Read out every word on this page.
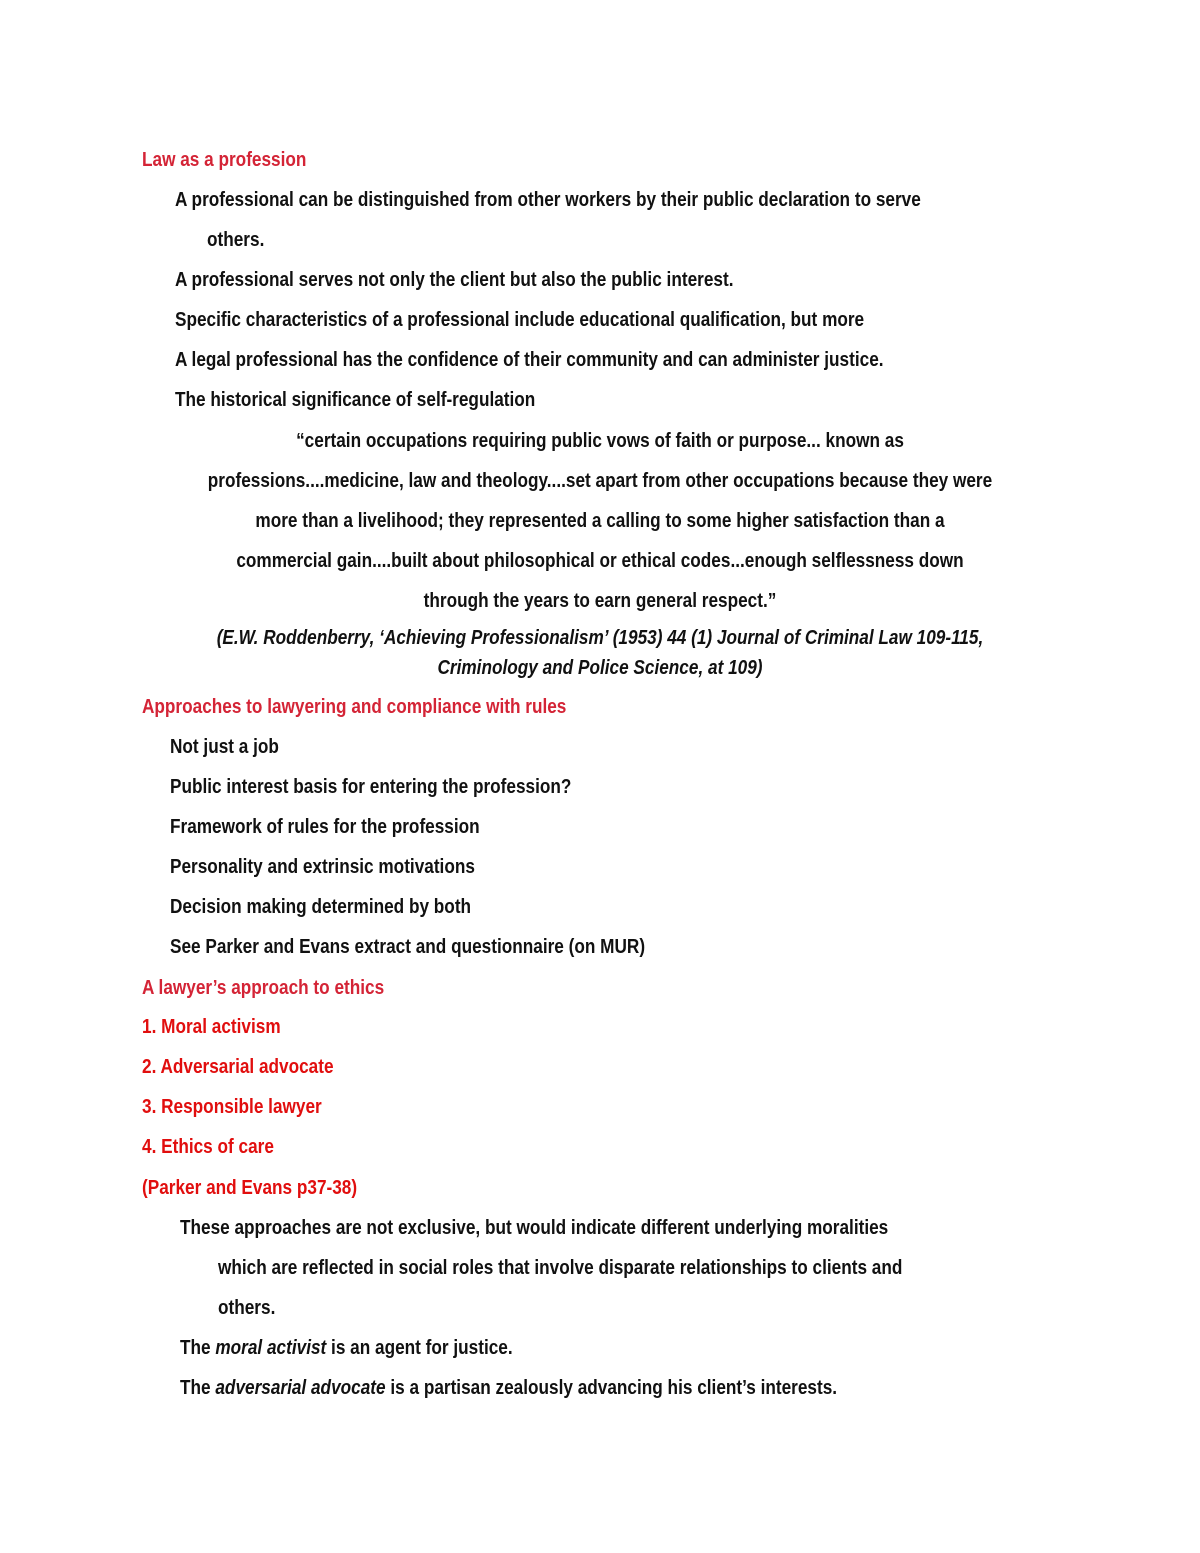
Law as a profession
A professional can be distinguished from other workers by their public declaration to serve
others.
A professional serves not only the client but also the public interest.
Specific characteristics of a professional include educational qualification, but more
A legal professional has the confidence of their community and can administer justice.
The historical significance of self-regulation
“certain occupations requiring public vows of faith or purpose... known as
professions....medicine, law and theology....set apart from other occupations because they were
more than a livelihood; they represented a calling to some higher satisfaction than a
commercial gain....built about philosophical or ethical codes...enough selflessness down
through the years to earn general respect.”
(E.W. Roddenberry, ‘Achieving Professionalism’ (1953) 44 (1) Journal of Criminal Law 109-115,
Criminology and Police Science, at 109)
Approaches to lawyering and compliance with rules
Not just a job
Public interest basis for entering the profession?
Framework of rules for the profession
Personality and extrinsic motivations
Decision making determined by both
See Parker and Evans extract and questionnaire (on MUR)
A lawyer’s approach to ethics
1. Moral activism
2. Adversarial advocate
3. Responsible lawyer
4. Ethics of care
(Parker and Evans p37-38)
These approaches are not exclusive, but would indicate different underlying moralities
which are reflected in social roles that involve disparate relationships to clients and
others.
The moral activist is an agent for justice.
The adversarial advocate is a partisan zealously advancing his client’s interests.
